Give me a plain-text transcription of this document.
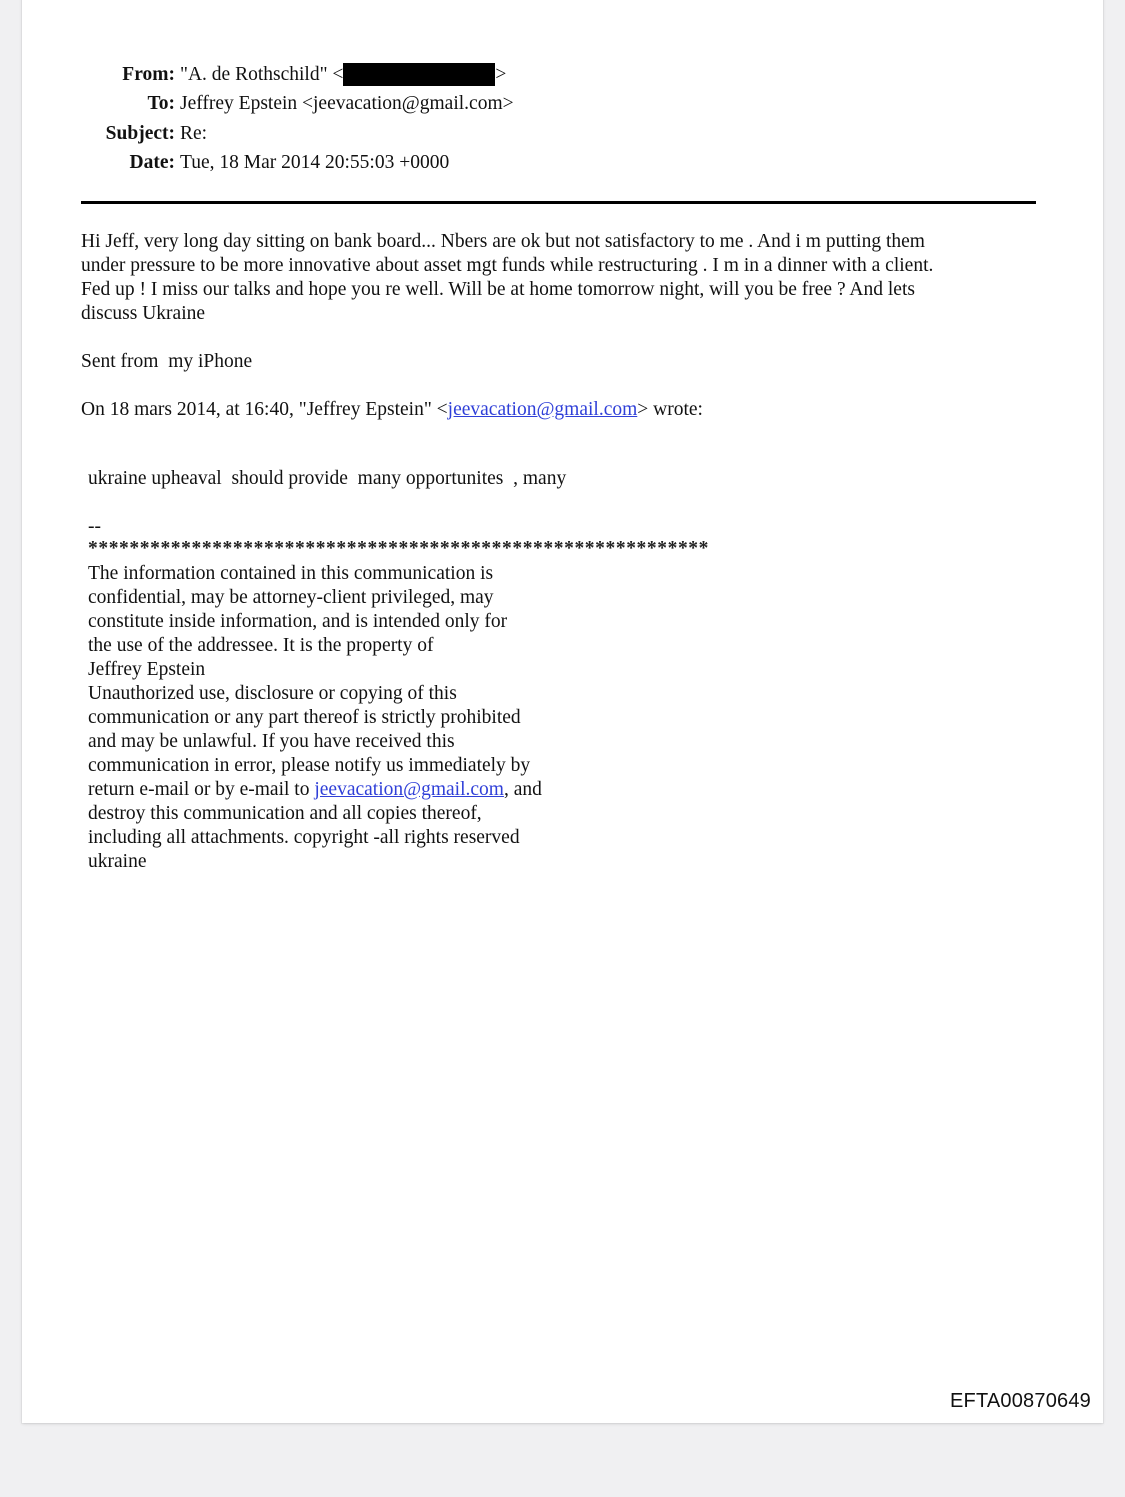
From: "A. de Rothschild" <	>
To: Jeffrey Epstein <jeevacation@gmail.com>
Subject: Re:
Date: Tue, 18 Mar 2014 20:55:03 +0000
Hi Jeff, very long day sitting on bank board... Nbers are ok but not satisfactory to me . And i m putting them
under pressure to be more innovative about asset mgt funds while restructuring . I m in a dinner with a client.
Fed up ! I miss our talks and hope you re well. Will be at home tomorrow night, will you be free ? And lets
discuss Ukraine
Sent from  my iPhone
On 18 mars 2014, at 16:40, "Jeffrey Epstein" <jeevacation@gmail.com> wrote:
ukraine upheaval  should provide  many opportunites  , many
--
************************************************************
The information contained in this communication is
confidential, may be attorney-client privileged, may
constitute inside information, and is intended only for
the use of the addressee. It is the property of
Jeffrey Epstein
Unauthorized use, disclosure or copying of this
communication or any part thereof is strictly prohibited
and may be unlawful. If you have received this
communication in error, please notify us immediately by
return e-mail or by e-mail to jeevacation@gmail.com, and
destroy this communication and all copies thereof,
including all attachments. copyright -all rights reserved
ukraine
EFTA00870649
